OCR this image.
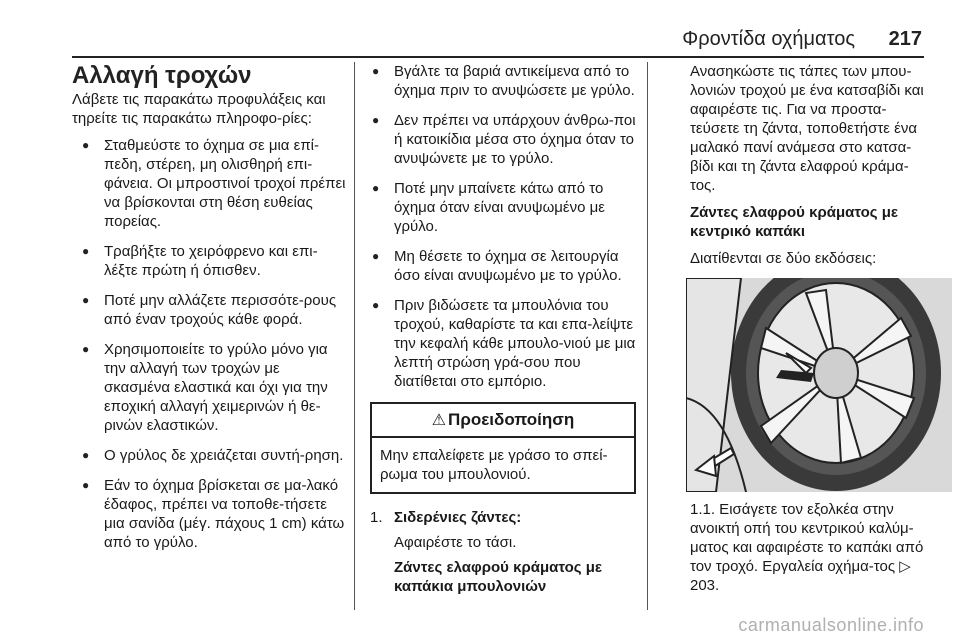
Φροντίδα οχήματος 217
Αλλαγή τροχών

Λάβετε τις παρακάτω προφυλάξεις και τηρείτε τις παρακάτω πληροφο-ρίες:

● Σταθμεύστε το όχημα σε μια επί-πεδη, στέρεη, μη ολισθηρή επι-φάνεια. Οι μπροστινοί τροχοί πρέπει να βρίσκονται στη θέση ευθείας πορείας.
● Τραβήξτε το χειρόφρενο και επι-λέξτε πρώτη ή όπισθεν.
● Ποτέ μην αλλάζετε περισσότε-ρους από έναν τροχούς κάθε φορά.
● Χρησιμοποιείτε το γρύλο μόνο για την αλλαγή των τροχών με σκασμένα ελαστικά και όχι για την εποχική αλλαγή χειμερινών ή θε-ρινών ελαστικών.
● Ο γρύλος δε χρειάζεται συντή-ρηση.
● Εάν το όχημα βρίσκεται σε μα-λακό έδαφος, πρέπει να τοποθε-τήσετε μια σανίδα (μέγ. πάχους 1 cm) κάτω από το γρύλο.
● Βγάλτε τα βαριά αντικείμενα από το όχημα πριν το ανυψώσετε με γρύλο.
● Δεν πρέπει να υπάρχουν άνθρω-ποι ή κατοικίδια μέσα στο όχημα όταν το ανυψώνετε με το γρύλο.
● Ποτέ μην μπαίνετε κάτω από το όχημα όταν είναι ανυψωμένο με γρύλο.
● Μη θέσετε το όχημα σε λειτουργία όσο είναι ανυψωμένο με το γρύλο.
● Πριν βιδώσετε τα μπουλόνια του τροχού, καθαρίστε τα και επα-λείψτε την κεφαλή κάθε μπουλο-νιού με μια λεπτή στρώση γρά-σου που διατίθεται στο εμπόριο.
⚠ Προειδοποίηση
Μην επαλείφετε με γράσο το σπεί-ρωμα του μπουλονιού.
1. Σιδερένιες ζάντες:

Αφαιρέστε το τάσι.

Ζάντες ελαφρού κράματος με καπάκια μπουλονιών

Ανασηκώστε τις τάπες των μπου-λονιών τροχού με ένα κατσαβίδι και αφαιρέστε τις. Για να προστα-τεύσετε τη ζάντα, τοποθετήστε ένα μαλακό πανί ανάμεσα στο κατσα-βίδι και τη ζάντα ελαφρού κράμα-τος.

Ζάντες ελαφρού κράματος με κεντρικό καπάκι

Διατίθενται σε δύο εκδόσεις:

1.1. Εισάγετε τον εξολκέα στην ανοικτή οπή του κεντρικού καλύμ-ματος και αφαιρέστε το καπάκι από τον τροχό. Εργαλεία οχήμα-τος ▷ 203.

carmanualsonline.info
